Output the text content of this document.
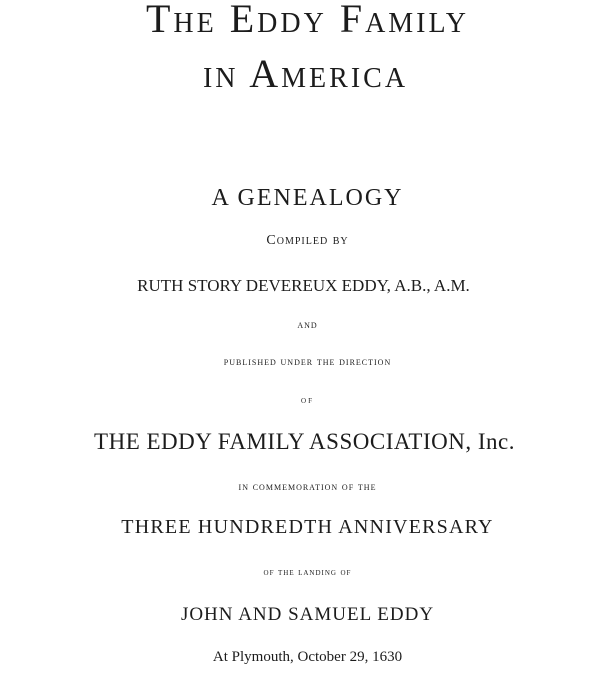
The Eddy Family
in America
A GENEALOGY
Compiled by
RUTH STORY DEVEREUX EDDY, A.B., A.M.
and
published under the direction
of
THE EDDY FAMILY ASSOCIATION, Inc.
in commemoration of the
THREE HUNDREDTH ANNIVERSARY
of the landing of
JOHN AND SAMUEL EDDY
At Plymouth, October 29, 1630
